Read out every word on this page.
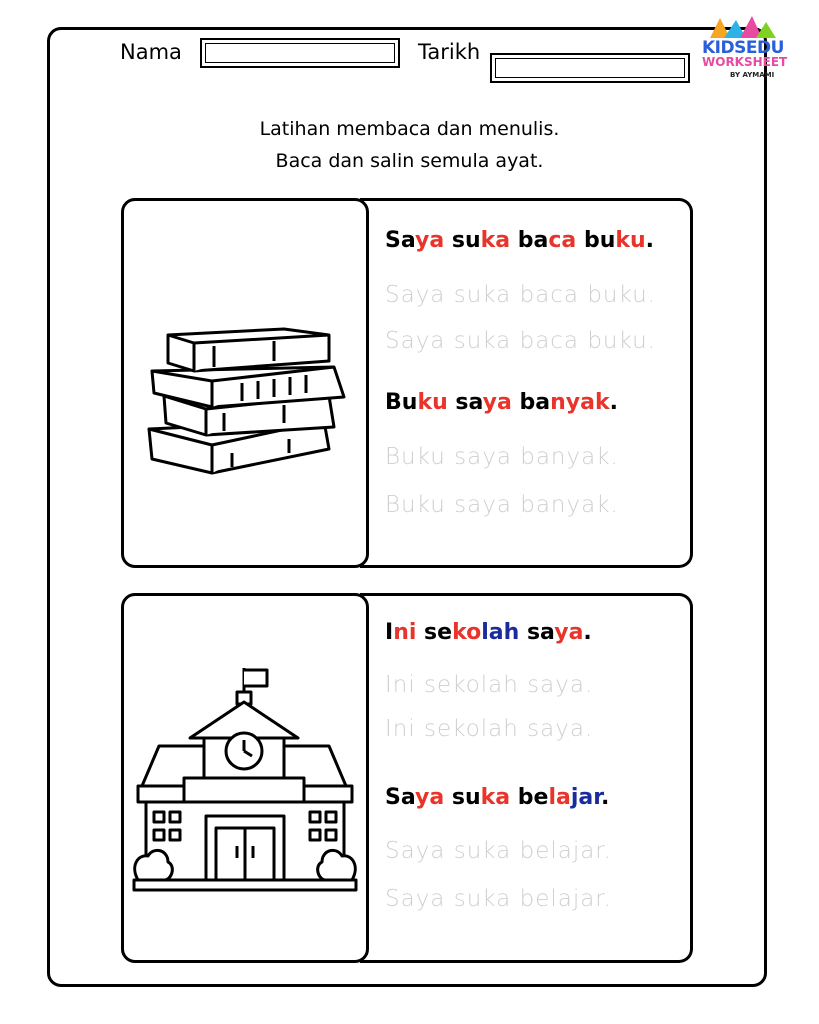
Nama	Tarikh	KIDSEDU
WORKSHEET
BY AYMAMI
Latihan membaca dan menulis.
Baca dan salin semula ayat.
Saya suka baca buku.
Saya suka baca buku.
Saya suka baca buku.
Buku saya banyak.
Buku saya banyak.
Buku saya banyak.
Ini sekolah saya.
Ini sekolah saya.
Ini sekolah saya.
Saya suka belajar.
Saya suka belajar.
Saya suka belajar.
